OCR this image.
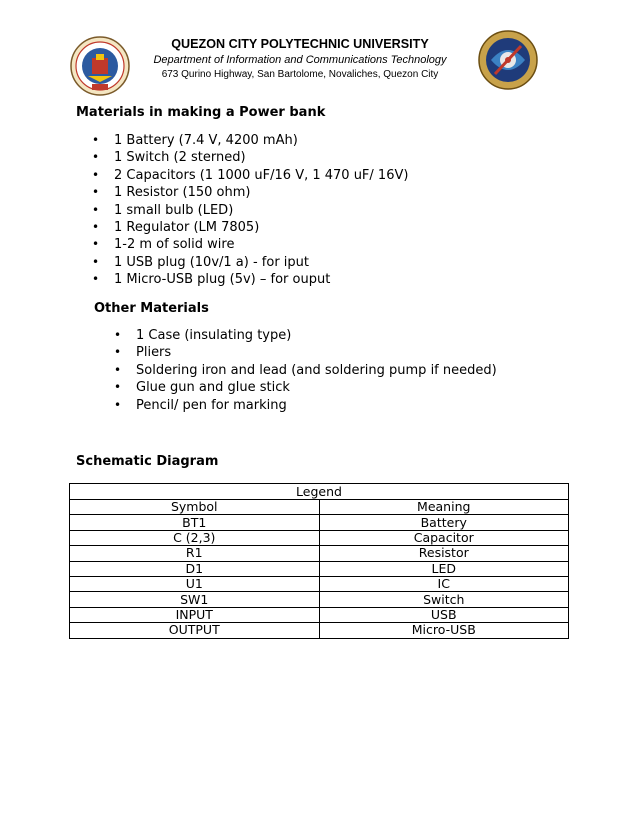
QUEZON CITY POLYTECHNIC UNIVERSITY
Department of Information and Communications Technology
673 Qurino Highway, San Bartolome, Novaliches, Quezon City
Materials in making a Power bank
• 1 Battery (7.4 V, 4200 mAh)
• 1 Switch (2 sterned)
• 2 Capacitors (1 1000 uF/16 V, 1 470 uF/ 16V)
• 1 Resistor (150 ohm)
• 1 small bulb (LED)
• 1 Regulator (LM 7805)
• 1-2 m of solid wire
• 1 USB plug (10v/1 a) - for iput
• 1 Micro-USB plug (5v) – for ouput
Other Materials
• 1 Case (insulating type)
• Pliers
• Soldering iron and lead (and soldering pump if needed)
• Glue gun and glue stick
• Pencil/ pen for marking
Schematic Diagram
Legend	
Symbol	Meaning
BT1	Battery
C (2,3)	Capacitor
R1	Resistor
D1	LED
U1	IC
SW1	Switch
INPUT	USB
OUTPUT	Micro-USB
